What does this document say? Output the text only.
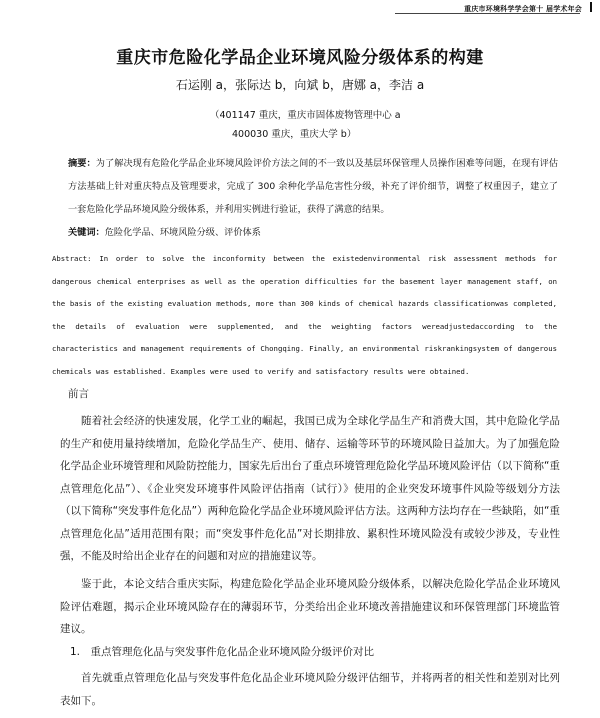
重庆市环境科学学会第十 届学术年会
重庆市危险化学品企业环境风险分级体系的构建
石运刚 a，张际达 b，向斌 b，唐娜 a，李洁 a
（401147 重庆，重庆市固体废物管理中心 a
400030 重庆，重庆大学 b）
摘要：为了解决现有危险化学品企业环境风险评价方法之间的不一致以及基层环保管理人员操作困难等问题，在现有评估方法基础上针对重庆特点及管理要求，完成了 300 余种化学品危害性分级，补充了评价细节，调整了权重因子，建立了一套危险化学品环境风险分级体系，并利用实例进行验证，获得了满意的结果。
关键词：危险化学品、环境风险分级、评价体系
Abstract: In order to solve the inconformity between the existedenvironmental risk assessment methods for dangerous chemical enterprises as well as the operation difficulties for the basement layer management staff, on the basis of the existing evaluation methods, more than 300 kinds of chemical hazards classificationwas completed, the details of evaluation were supplemented, and the weighting factors wereadjustedaccording to the characteristics and management requirements of Chongqing. Finally, an environmental riskrankingsystem of dangerous chemicals was established. Examples were used to verify and satisfactory results were obtained.
前言
随着社会经济的快速发展，化学工业的崛起，我国已成为全球化学品生产和消费大国，其中危险化学品的生产和使用量持续增加，危险化学品生产、使用、储存、运输等环节的环境风险日益加大。为了加强危险化学品企业环境管理和风险防控能力，国家先后出台了重点环境管理危险化学品环境风险评估（以下简称“重点管理危化品”）、《企业突发环境事件风险评估指南（试行）》使用的企业突发环境事件风险等级划分方法（以下简称“突发事件危化品”）两种危险化学品企业环境风险评估方法。这两种方法均存在一些缺陷，如“重点管理危化品”适用范围有限；而“突发事件危化品”对长期排放、累积性环境风险没有或较少涉及，专业性强，不能及时给出企业存在的问题和对应的措施建议等。
鉴于此，本论文结合重庆实际，构建危险化学品企业环境风险分级体系，以解决危险化学品企业环境风险评估难题，揭示企业环境风险存在的薄弱环节，分类给出企业环境改善措施建议和环保管理部门环境监管建议。
1.　重点管理危化品与突发事件危化品企业环境风险分级评价对比
首先就重点管理危化品与突发事件危化品企业环境风险分级评估细节，并将两者的相关性和差别对比列表如下。
